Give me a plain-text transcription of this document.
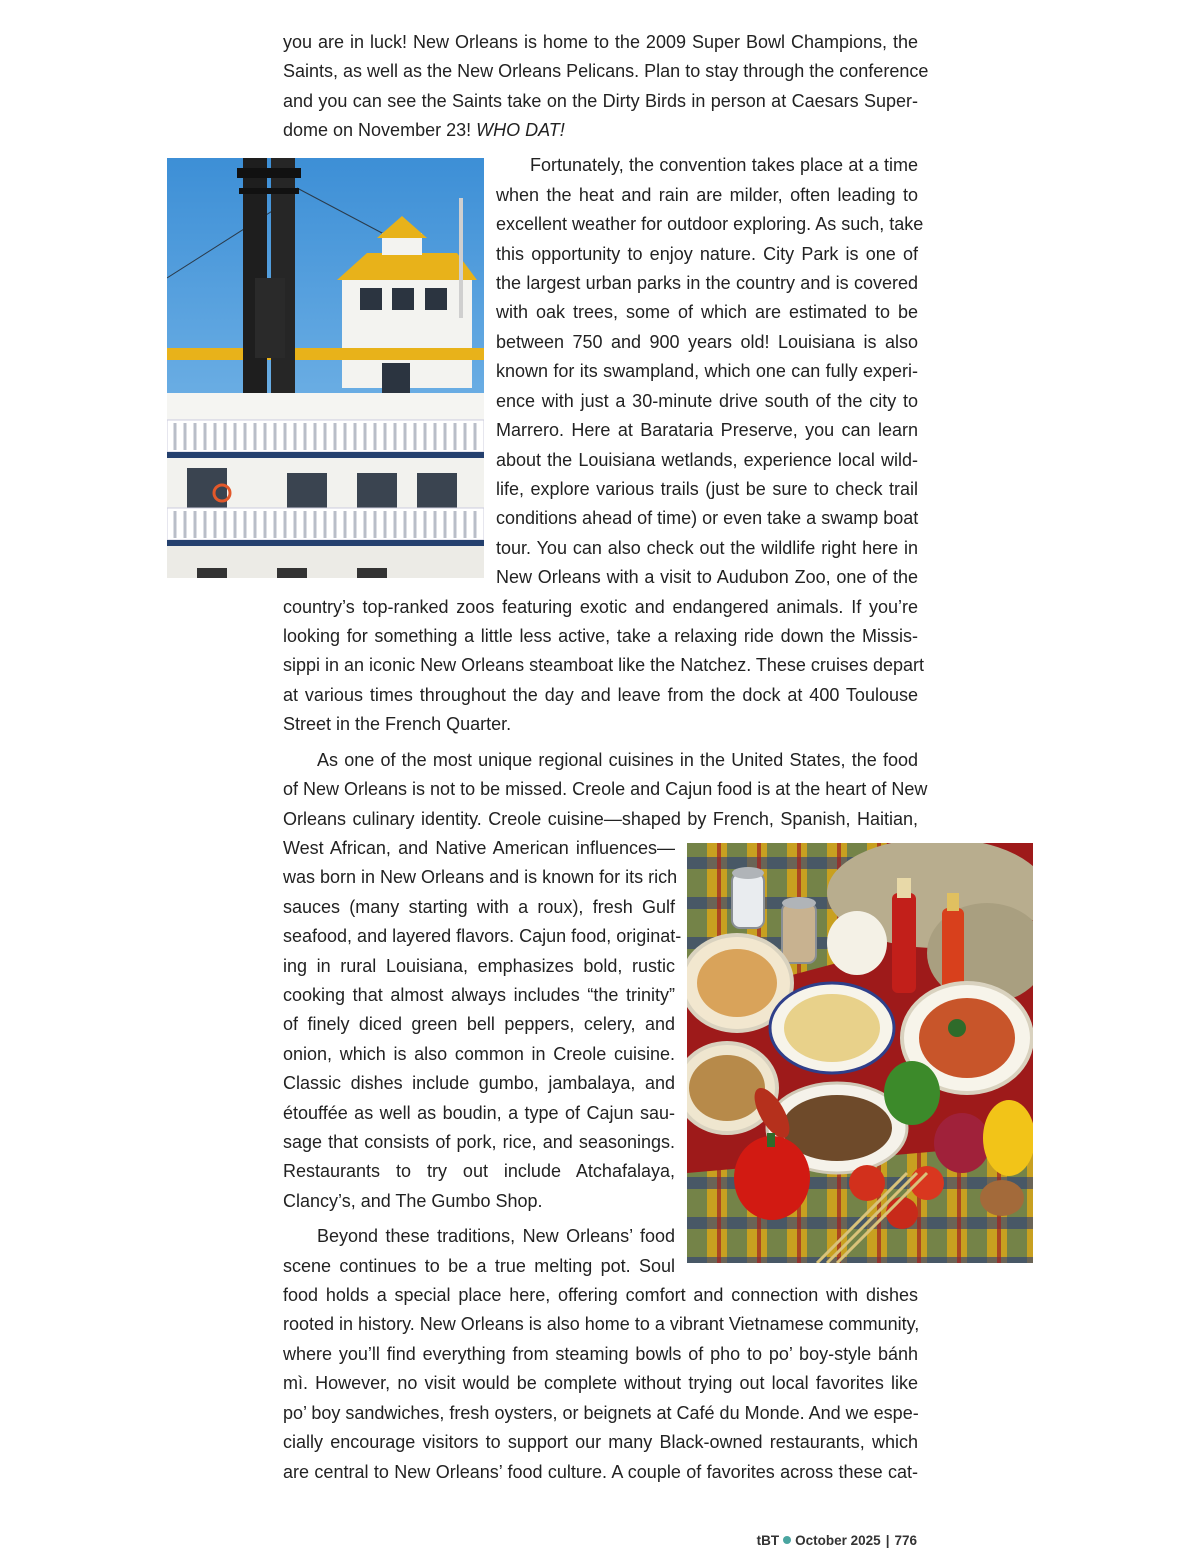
you are in luck! New Orleans is home to the 2009 Super Bowl Champions, the

Saints, as well as the New Orleans Pelicans. Plan to stay through the conference

and you can see the Saints take on the Dirty Birds in person at Caesars Super-

dome on November 23! WHO DAT!

Fortunately, the convention takes place at a time

when the heat and rain are milder, often leading to

excellent weather for outdoor exploring. As such, take

this opportunity to enjoy nature. City Park is one of

the largest urban parks in the country and is covered

with oak trees, some of which are estimated to be

between 750 and 900 years old! Louisiana is also

known for its swampland, which one can fully experi-

ence with just a 30-minute drive south of the city to

Marrero. Here at Barataria Preserve, you can learn

about the Louisiana wetlands, experience local wild-

life, explore various trails (just be sure to check trail

conditions ahead of time) or even take a swamp boat

tour. You can also check out the wildlife right here in

New Orleans with a visit to Audubon Zoo, one of the

country’s top-ranked zoos featuring exotic and endangered animals. If you’re

looking for something a little less active, take a relaxing ride down the Missis-

sippi in an iconic New Orleans steamboat like the Natchez. These cruises depart

at various times throughout the day and leave from the dock at 400 Toulouse

Street in the French Quarter.

As one of the most unique regional cuisines in the United States, the food

of New Orleans is not to be missed. Creole and Cajun food is at the heart of New

Orleans culinary identity. Creole cuisine—shaped by French, Spanish, Haitian,

West African, and Native American influences—

was born in New Orleans and is known for its rich

sauces (many starting with a roux), fresh Gulf

seafood, and layered flavors. Cajun food, originat-

ing in rural Louisiana, emphasizes bold, rustic

cooking that almost always includes “the trinity”

of finely diced green bell peppers, celery, and

onion, which is also common in Creole cuisine.

Classic dishes include gumbo, jambalaya, and

étouffée as well as boudin, a type of Cajun sau-

sage that consists of pork, rice, and seasonings.

Restaurants to try out include Atchafalaya,

Clancy’s, and The Gumbo Shop.

Beyond these traditions, New Orleans’ food

scene continues to be a true melting pot. Soul

food holds a special place here, offering comfort and connection with dishes

rooted in history. New Orleans is also home to a vibrant Vietnamese community,

where you’ll find everything from steaming bowls of pho to po’ boy-style bánh

mì. However, no visit would be complete without trying out local favorites like

po’ boy sandwiches, fresh oysters, or beignets at Café du Monde. And we espe-

cially encourage visitors to support our many Black-owned restaurants, which

are central to New Orleans’ food culture. A couple of favorites across these cat-

tBT October 2025 | 776
